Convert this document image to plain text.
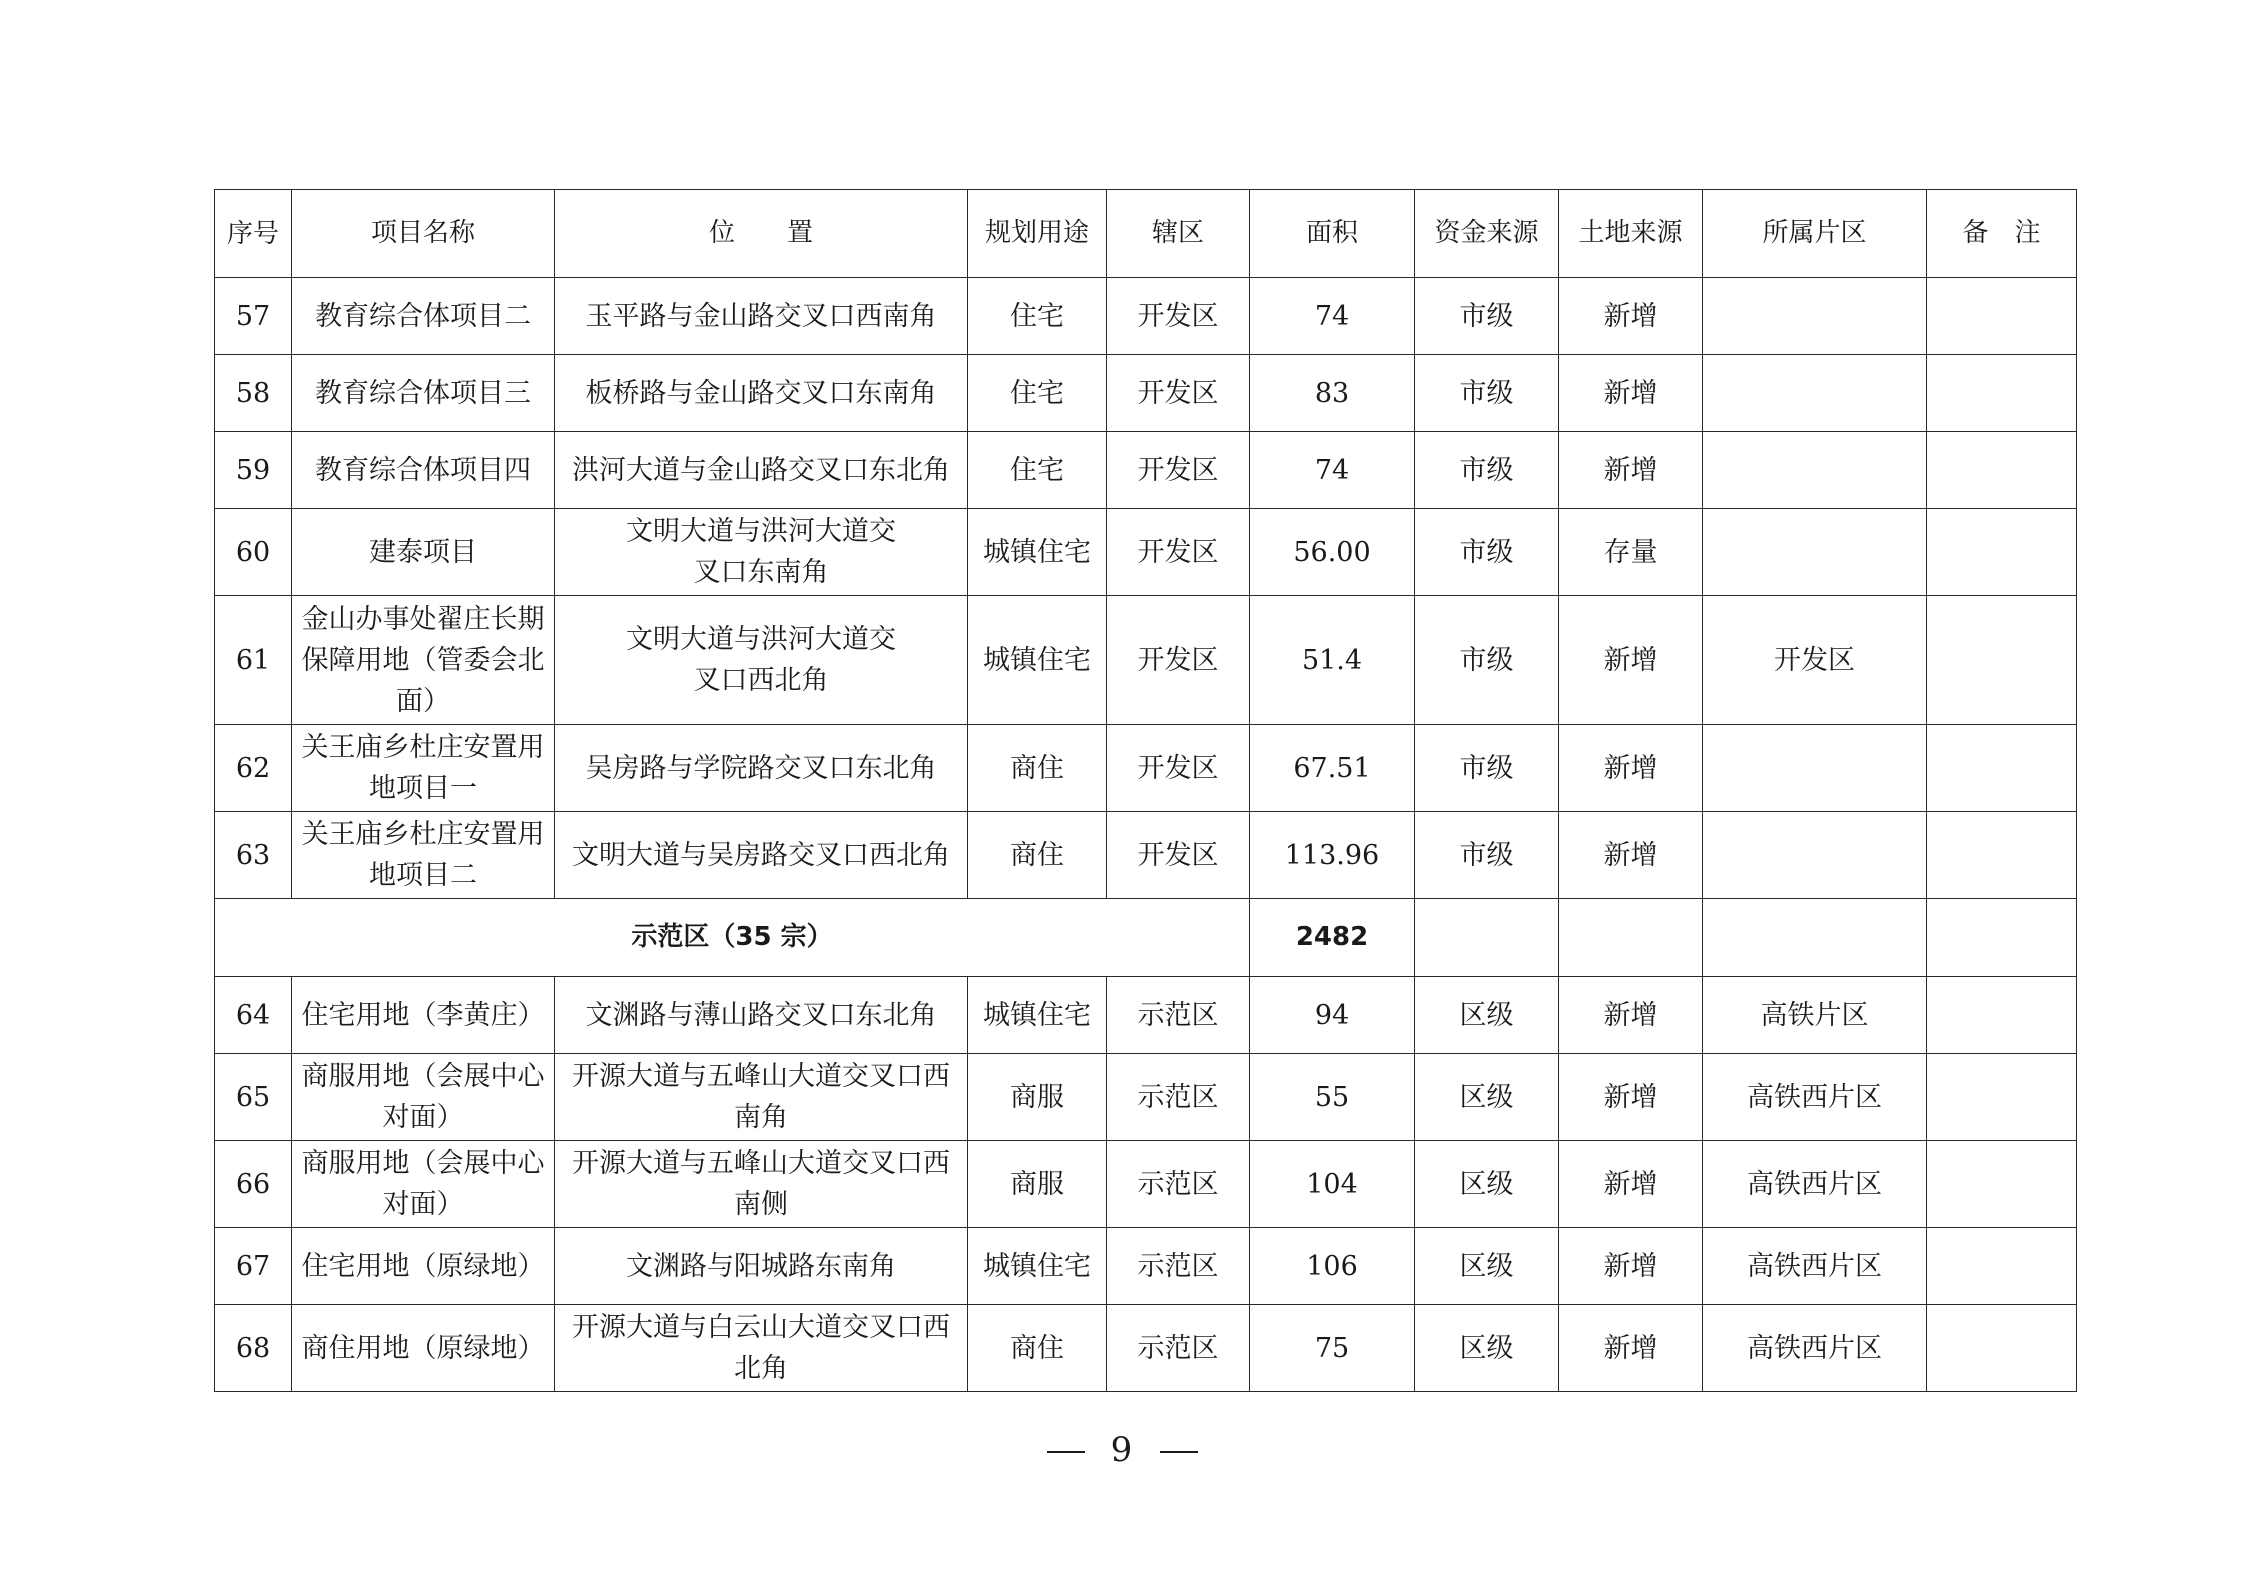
序号	项目名称	位　　置	规划用途	辖区	面积	资金来源	土地来源	所属片区	备　注
57	教育综合体项目二	玉平路与金山路交叉口西南角	住宅	开发区	74	市级	新增		
58	教育综合体项目三	板桥路与金山路交叉口东南角	住宅	开发区	83	市级	新增		
59	教育综合体项目四	洪河大道与金山路交叉口东北角	住宅	开发区	74	市级	新增		
60	建泰项目	文明大道与洪河大道交叉口东南角	城镇住宅	开发区	56.00	市级	存量		
61	金山办事处翟庄长期保障用地（管委会北面）	文明大道与洪河大道交叉口西北角	城镇住宅	开发区	51.4	市级	新增	开发区	
62	关王庙乡杜庄安置用地项目一	吴房路与学院路交叉口东北角	商住	开发区	67.51	市级	新增		
63	关王庙乡杜庄安置用地项目二	文明大道与吴房路交叉口西北角	商住	开发区	113.96	市级	新增		
示范区（35 宗）					2482				
64	住宅用地（李黄庄）	文渊路与薄山路交叉口东北角	城镇住宅	示范区	94	区级	新增	高铁片区	
65	商服用地（会展中心对面）	开源大道与五峰山大道交叉口西南角	商服	示范区	55	区级	新增	高铁西片区	
66	商服用地（会展中心对面）	开源大道与五峰山大道交叉口西南侧	商服	示范区	104	区级	新增	高铁西片区	
67	住宅用地（原绿地）	文渊路与阳城路东南角	城镇住宅	示范区	106	区级	新增	高铁西片区	
68	商住用地（原绿地）	开源大道与白云山大道交叉口西北角	商住	示范区	75	区级	新增	高铁西片区	
9
